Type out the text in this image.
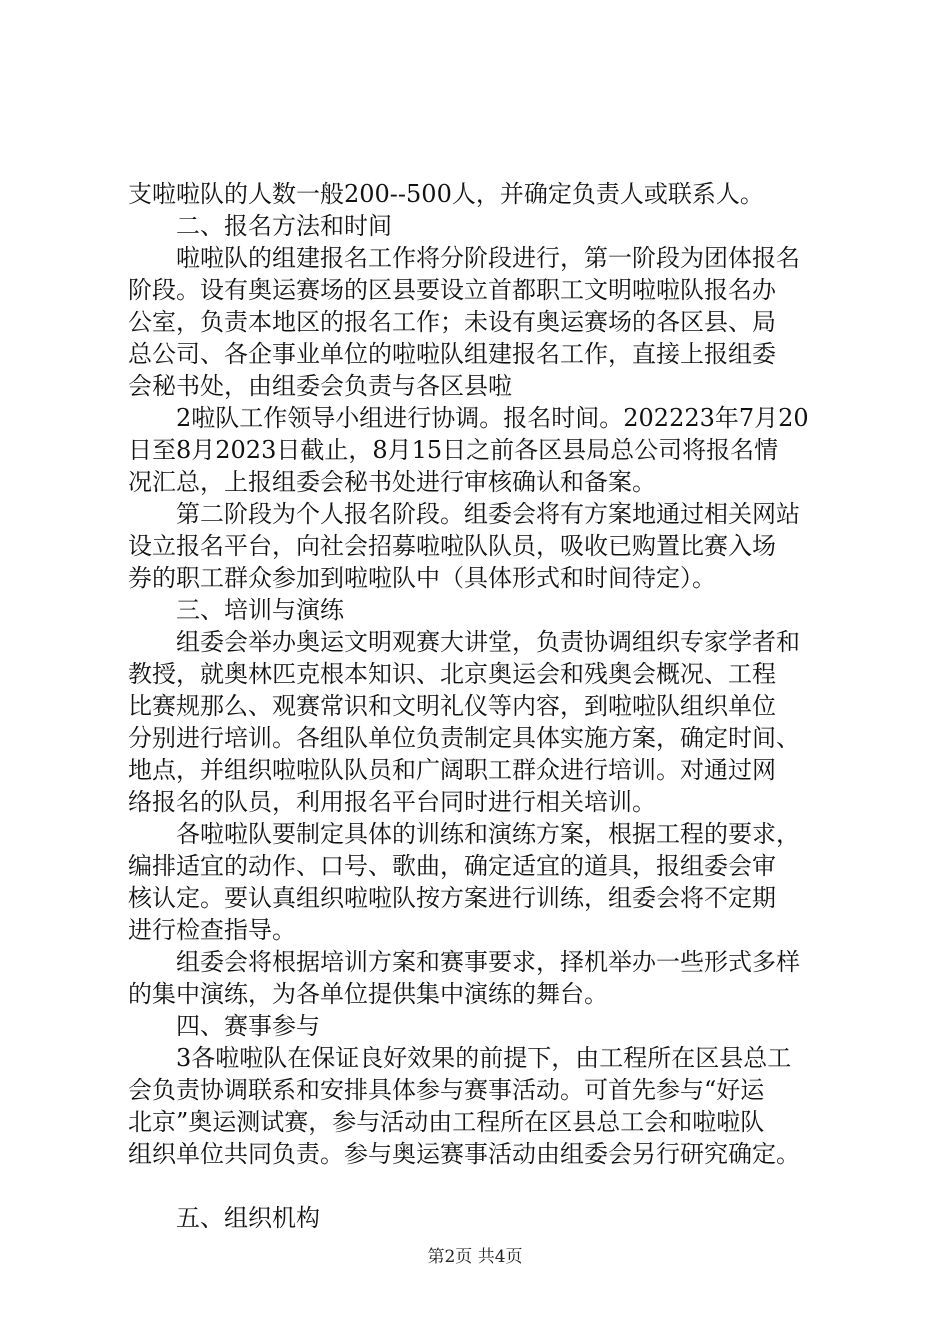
支啦啦队的人数一般200--500人，并确定负责人或联系人。
二、报名方法和时间
啦啦队的组建报名工作将分阶段进行，第一阶段为团体报名
阶段。设有奥运赛场的区县要设立首都职工文明啦啦队报名办
公室，负责本地区的报名工作；未设有奥运赛场的各区县、局
总公司、各企事业单位的啦啦队组建报名工作，直接上报组委
会秘书处，由组委会负责与各区县啦
2啦队工作领导小组进行协调。报名时间。202223年7月20
日至8月2023日截止，8月15日之前各区县局总公司将报名情
况汇总，上报组委会秘书处进行审核确认和备案。
第二阶段为个人报名阶段。组委会将有方案地通过相关网站
设立报名平台，向社会招募啦啦队队员，吸收已购置比赛入场
券的职工群众参加到啦啦队中（具体形式和时间待定）。
三、培训与演练
组委会举办奥运文明观赛大讲堂，负责协调组织专家学者和
教授，就奥林匹克根本知识、北京奥运会和残奥会概况、工程
比赛规那么、观赛常识和文明礼仪等内容，到啦啦队组织单位
分别进行培训。各组队单位负责制定具体实施方案，确定时间、
地点，并组织啦啦队队员和广阔职工群众进行培训。对通过网
络报名的队员，利用报名平台同时进行相关培训。
各啦啦队要制定具体的训练和演练方案，根据工程的要求，
编排适宜的动作、口号、歌曲，确定适宜的道具，报组委会审
核认定。要认真组织啦啦队按方案进行训练，组委会将不定期
进行检查指导。
组委会将根据培训方案和赛事要求，择机举办一些形式多样
的集中演练，为各单位提供集中演练的舞台。
四、赛事参与
3各啦啦队在保证良好效果的前提下，由工程所在区县总工
会负责协调联系和安排具体参与赛事活动。可首先参与“好运
北京”奥运测试赛，参与活动由工程所在区县总工会和啦啦队
组织单位共同负责。参与奥运赛事活动由组委会另行研究确定。
五、组织机构
第2页 共4页
